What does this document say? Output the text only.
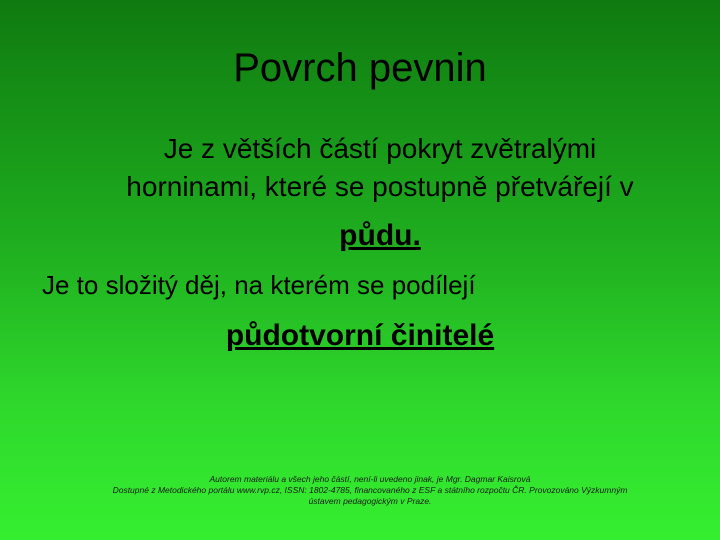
Povrch pevnin
Je z větších částí pokryt zvětralými
horninami, které se postupně přetvářejí v
půdu.
Je to složitý děj, na kterém se podílejí
půdotvorní činitelé
Autorem materiálu a všech jeho částí, není-li uvedeno jinak, je Mgr. Dagmar Kaisrová
Dostupné z Metodického portálu www.rvp.cz, ISSN: 1802-4785, financovaného z ESF a státního rozpočtu ČR. Provozováno Výzkumným
ústavem pedagogickým v Praze.
